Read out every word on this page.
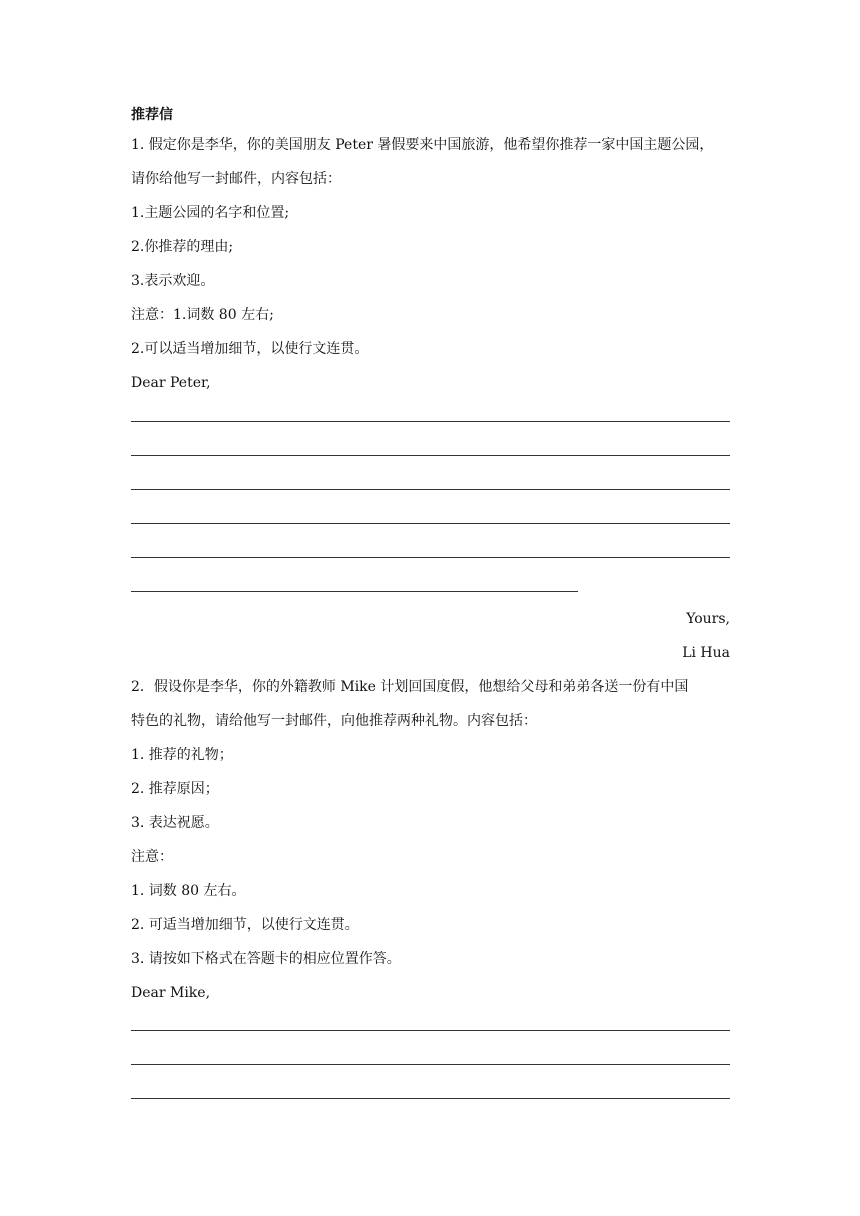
推荐信
1. 假定你是李华，你的美国朋友 Peter 暑假要来中国旅游，他希望你推荐一家中国主题公园，
请你给他写一封邮件，内容包括：
1.主题公园的名字和位置;
2.你推荐的理由;
3.表示欢迎。
注意：1.词数 80 左右;
2.可以适当增加细节，以使行文连贯。
Dear Peter,
Yours,
Li Hua
2．假设你是李华，你的外籍教师 Mike 计划回国度假，他想给父母和弟弟各送一份有中国
特色的礼物，请给他写一封邮件，向他推荐两种礼物。内容包括：
1. 推荐的礼物；
2. 推荐原因；
3. 表达祝愿。
注意：
1. 词数 80 左右。
2. 可适当增加细节，以使行文连贯。
3. 请按如下格式在答题卡的相应位置作答。
Dear Mike,
